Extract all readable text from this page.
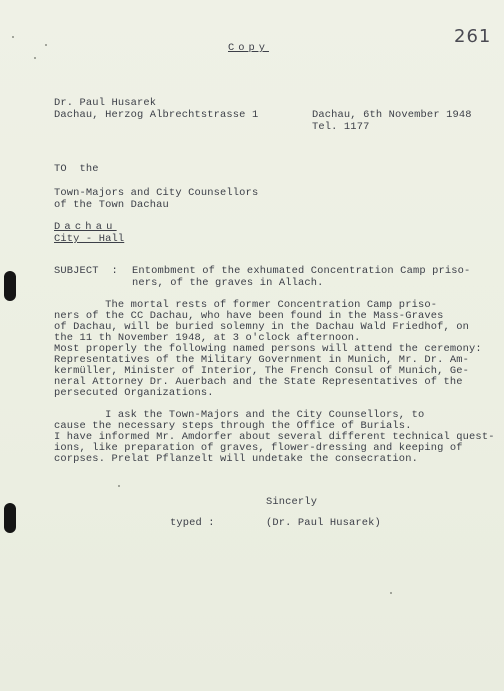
261
Copy
Dr. Paul Husarek
Dachau, Herzog Albrechtstrasse 1	Dachau, 6th November 1948
Tel. 1177
TO  the
Town-Majors and City Counsellors
of the Town Dachau
Dachau
City - Hall
SUBJECT  : Entombment of the exhumated Concentration Camp priso-
ners, of the graves in Allach.
The mortal rests of former Concentration Camp priso-
ners of the CC Dachau, who have been found in the Mass-Graves
of Dachau, will be buried solemny in the Dachau Wald Friedhof, on
the 11 th November 1948, at 3 o'clock afternoon.
Most properly the following named persons will attend the ceremony:
Representatives of the Military Government in Munich, Mr. Dr. Am-
kermüller, Minister of Interior, The French Consul of Munich, Ge-
neral Attorney Dr. Auerbach and the State Representatives of the
persecuted Organizations.
I ask the Town-Majors and the City Counsellors, to
cause the necessary steps through the Office of Burials.
I have informed Mr. Amdorfer about several different technical quest-
ions, like preparation of graves, flower-dressing and keeping of
corpses. Prelat Pflanzelt will undetake the consecration.
Sincerly
typed :	(Dr. Paul Husarek)
